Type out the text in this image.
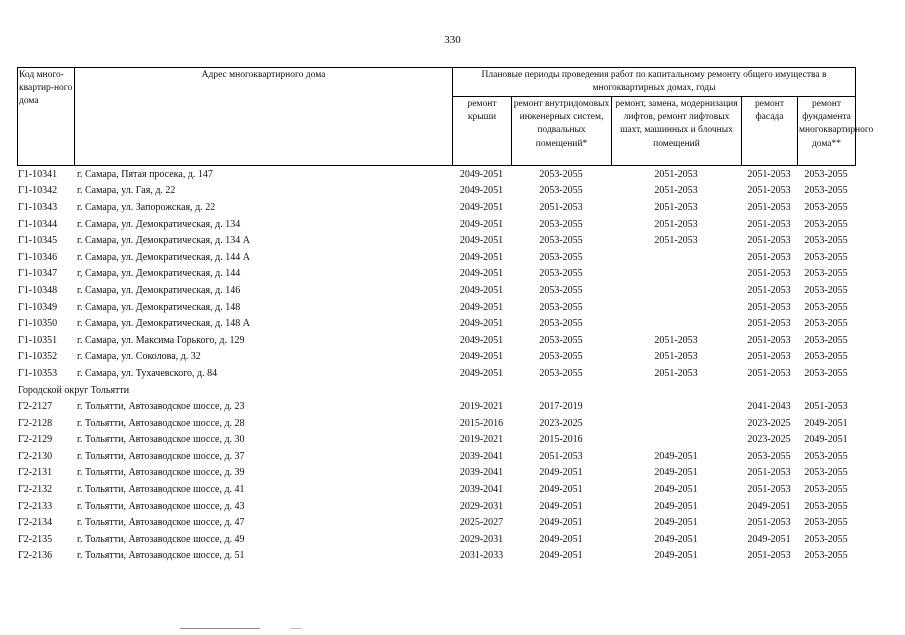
330
Код много-квартир-ного дома	Адрес многоквартирного дома	Плановые периоды проведения работ по капитальному ремонту общего имущества в многоквартирных домах, годы				
		ремонт крыши	ремонт внутридомовых инженерных систем, подвальных помещений*	ремонт, замена, модернизация лифтов, ремонт лифтовых шахт, машинных и блочных помещений	ремонт фасада	ремонт фундамента многоквартирного дома**
Г1-10341	г. Самара, Пятая просека, д. 147	2049-2051	2053-2055	2051-2053	2051-2053	2053-2055
Г1-10342	г. Самара, ул. Гая, д. 22	2049-2051	2053-2055	2051-2053	2051-2053	2053-2055
Г1-10343	г. Самара, ул. Запорожская, д. 22	2049-2051	2051-2053	2051-2053	2051-2053	2053-2055
Г1-10344	г. Самара, ул. Демократическая, д. 134	2049-2051	2053-2055	2051-2053	2051-2053	2053-2055
Г1-10345	г. Самара, ул. Демократическая, д. 134 А	2049-2051	2053-2055	2051-2053	2051-2053	2053-2055
Г1-10346	г. Самара, ул. Демократическая, д. 144 А	2049-2051	2053-2055		2051-2053	2053-2055
Г1-10347	г, Самара, ул. Демократическая, д. 144	2049-2051	2053-2055		2051-2053	2053-2055
Г1-10348	г. Самара, ул. Демократическая, д. 146	2049-2051	2053-2055		2051-2053	2053-2055
Г1-10349	г. Самара, ул. Демократическая, д. 148	2049-2051	2053-2055		2051-2053	2053-2055
Г1-10350	г. Самара, ул. Демократическая, д. 148 А	2049-2051	2053-2055		2051-2053	2053-2055
Г1-10351	г. Самара, ул. Максима Горького, д. 129	2049-2051	2053-2055	2051-2053	2051-2053	2053-2055
Г1-10352	г. Самара, ул. Соколова, д. 32	2049-2051	2053-2055	2051-2053	2051-2053	2053-2055
Г1-10353	г. Самара, ул. Тухачевского, д. 84	2049-2051	2053-2055	2051-2053	2051-2053	2053-2055
Городской округ Тольятти						
Г2-2127	г. Тольятти, Автозаводское шоссе, д. 23	2019-2021	2017-2019		2041-2043	2051-2053
Г2-2128	г. Тольятти, Автозаводское шоссе, д. 28	2015-2016	2023-2025		2023-2025	2049-2051
Г2-2129	г. Тольятти, Автозаводское шоссе, д. 30	2019-2021	2015-2016		2023-2025	2049-2051
Г2-2130	г. Тольятти, Автозаводское шоссе, д. 37	2039-2041	2051-2053	2049-2051	2053-2055	2053-2055
Г2-2131	г. Тольятти, Автозаводское шоссе, д. 39	2039-2041	2049-2051	2049-2051	2051-2053	2053-2055
Г2-2132	г. Тольятти, Автозаводское шоссе, д. 41	2039-2041	2049-2051	2049-2051	2051-2053	2053-2055
Г2-2133	г. Тольятти, Автозаводское шоссе, д. 43	2029-2031	2049-2051	2049-2051	2049-2051	2053-2055
Г2-2134	г. Тольятти, Автозаводское шоссе, д. 47	2025-2027	2049-2051	2049-2051	2051-2053	2053-2055
Г2-2135	г. Тольятти, Автозаводское шоссе, д. 49	2029-2031	2049-2051	2049-2051	2049-2051	2053-2055
Г2-2136	г. Тольятти, Автозаводское шоссе, д. 51	2031-2033	2049-2051	2049-2051	2051-2053	2053-2055
